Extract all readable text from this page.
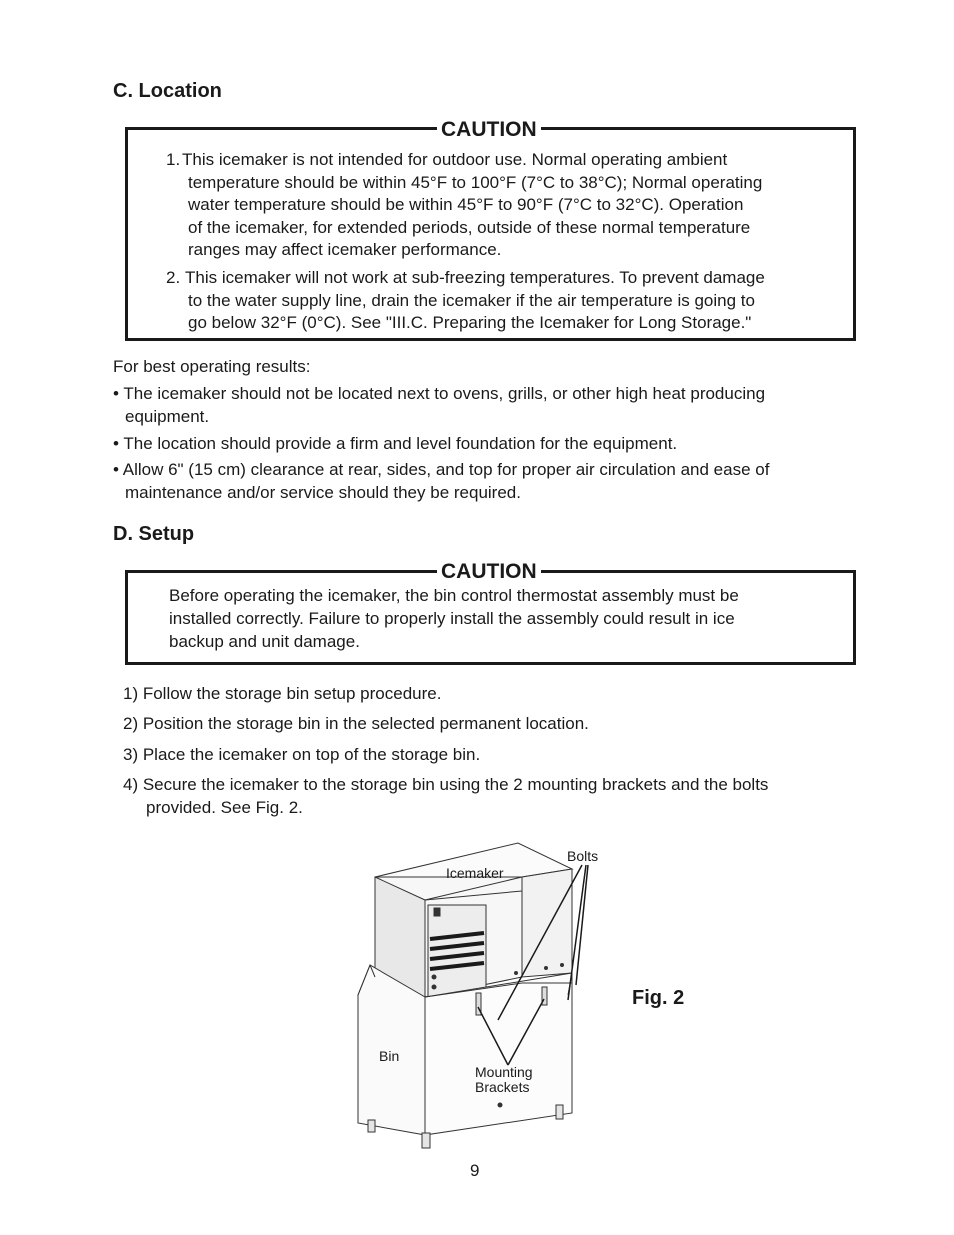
C. Location
CAUTION
1. This icemaker is not intended for outdoor use. Normal operating ambient
temperature should be within 45°F to 100°F (7°C to 38°C); Normal operating
water temperature should be within 45°F to 90°F (7°C to 32°C). Operation
of the icemaker, for extended periods, outside of these normal temperature
ranges may affect icemaker performance.
2. This icemaker will not work at sub-freezing temperatures. To prevent damage
to the water supply line, drain the icemaker if the air temperature is going to
go below 32°F (0°C). See "III.C. Preparing the Icemaker for Long Storage."
For best operating results:
• The icemaker should not be located next to ovens, grills, or other high heat producing
equipment.
• The location should provide a firm and level foundation for the equipment.
• Allow 6" (15 cm) clearance at rear, sides, and top for proper air circulation and ease of
maintenance and/or service should they be required.
D. Setup
CAUTION
Before operating the icemaker, the bin control thermostat assembly must be
installed correctly. Failure to properly install the assembly could result in ice
backup and unit damage.
1) Follow the storage bin setup procedure.
2) Position the storage bin in the selected permanent location.
3) Place the icemaker on top of the storage bin.
4) Secure the icemaker to the storage bin using the 2 mounting brackets and the bolts
provided. See Fig. 2.
Icemaker
Bolts
Bin
Mounting
Brackets
Fig. 2
9
